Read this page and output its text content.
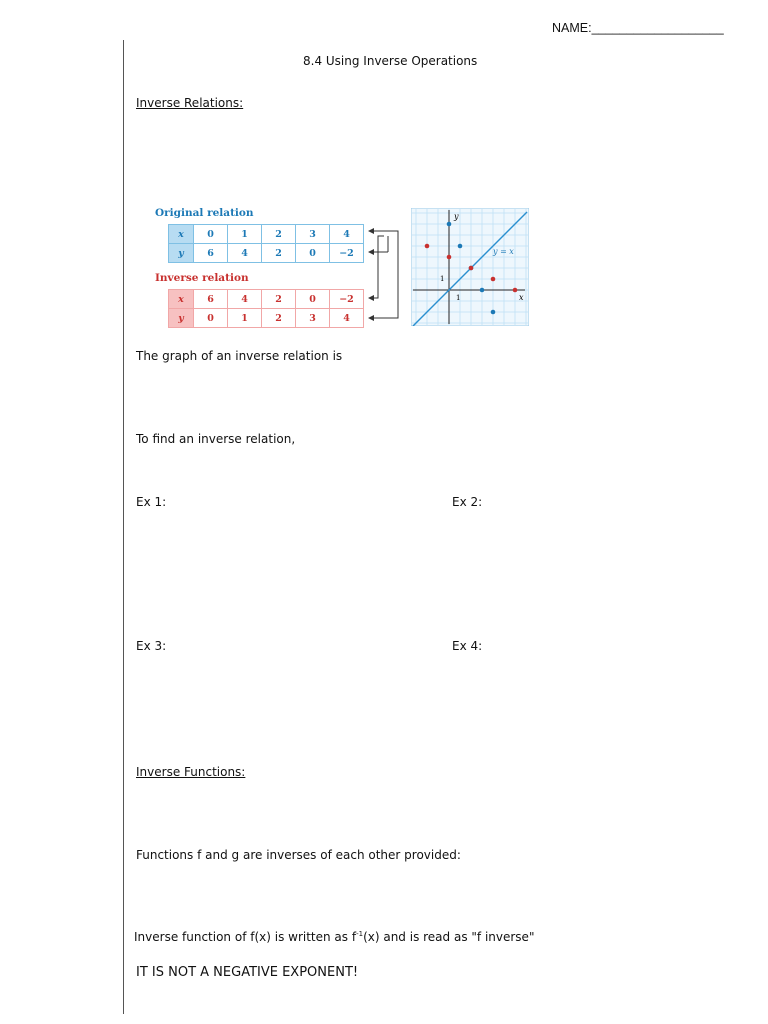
NAME:___________________
8.4 Using Inverse Operations
Inverse Relations:
Original relation
x	0	1	2	3	4
y	6	4	2	0	−2
Inverse relation
x	6	4	2	0	−2
y	0	1	2	3	4
y
x
1
1
y = x
The graph of an inverse relation is
To find an inverse relation,
Ex 1:	Ex 2:
Ex 3:	Ex 4:
Inverse Functions:
Functions f and g are inverses of each other provided:
Inverse function of f(x) is written as $f^{-1}(x)$ and is read as "f inverse"
IT IS NOT A NEGATIVE EXPONENT!
